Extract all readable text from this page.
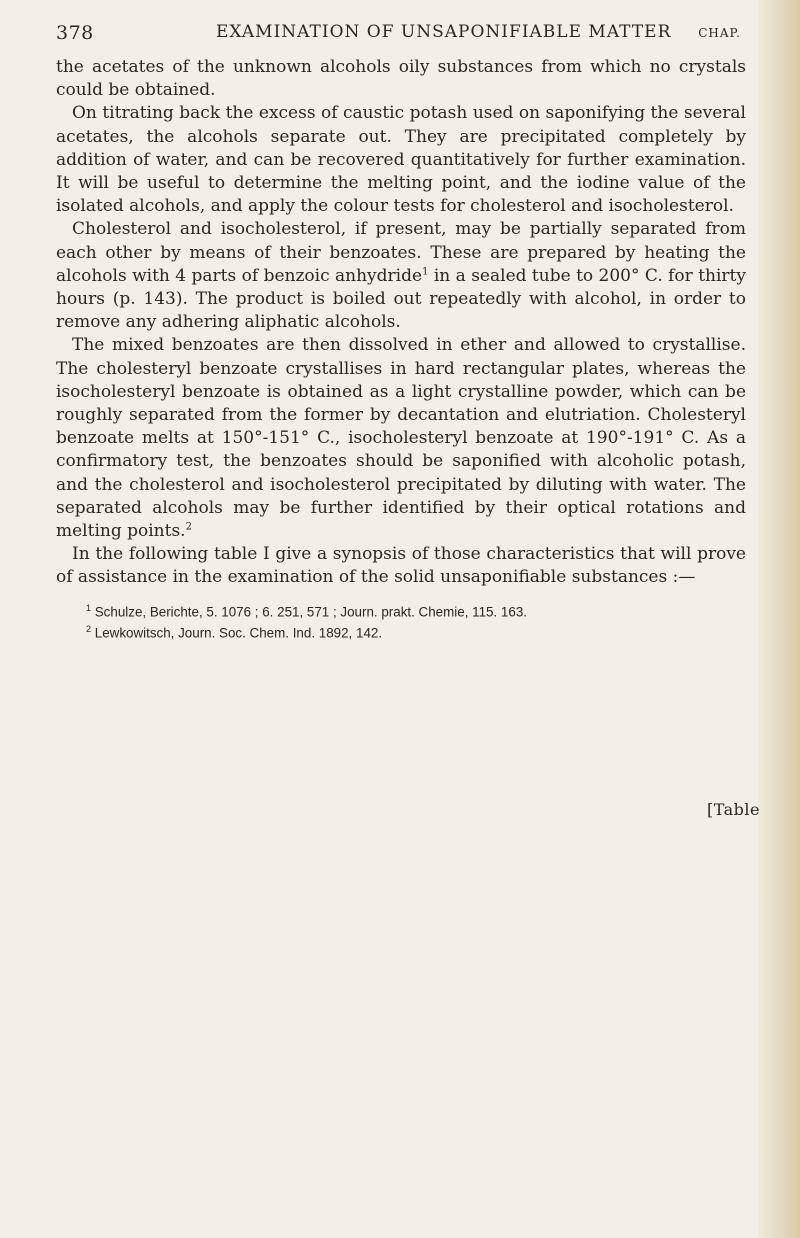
378	EXAMINATION OF UNSAPONIFIABLE MATTER CHAP.

the acetates of the unknown alcohols oily substances from which no crystals could be obtained.

On titrating back the excess of caustic potash used on saponifying the several acetates, the alcohols separate out. They are precipitated completely by addition of water, and can be recovered quantitatively for further examination. It will be useful to determine the melting point, and the iodine value of the isolated alcohols, and apply the colour tests for cholesterol and isocholesterol.

Cholesterol and isocholesterol, if present, may be partially separated from each other by means of their benzoates. These are prepared by heating the alcohols with 4 parts of benzoic anhydride$^1$ in a sealed tube to 200° C. for thirty hours (p. 143). The product is boiled out repeatedly with alcohol, in order to remove any adhering aliphatic alcohols.

The mixed benzoates are then dissolved in ether and allowed to crystallise. The cholesteryl benzoate crystallises in hard rectangular plates, whereas the isocholesteryl benzoate is obtained as a light crystalline powder, which can be roughly separated from the former by decantation and elutriation. Cholesteryl benzoate melts at 150°-151° C., isocholesteryl benzoate at 190°-191° C. As a confirmatory test, the benzoates should be saponified with alcoholic potash, and the cholesterol and isocholesterol precipitated by diluting with water. The separated alcohols may be further identified by their optical rotations and melting points.$^2$

In the following table I give a synopsis of those characteristics that will prove of assistance in the examination of the solid unsaponifiable substances :—

$^1$ Schulze, Berichte, 5. 1076 ; 6. 251, 571 ; Journ. prakt. Chemie, 115. 163.

$^2$ Lewkowitsch, Journ. Soc. Chem. Ind. 1892, 142.

[Table
